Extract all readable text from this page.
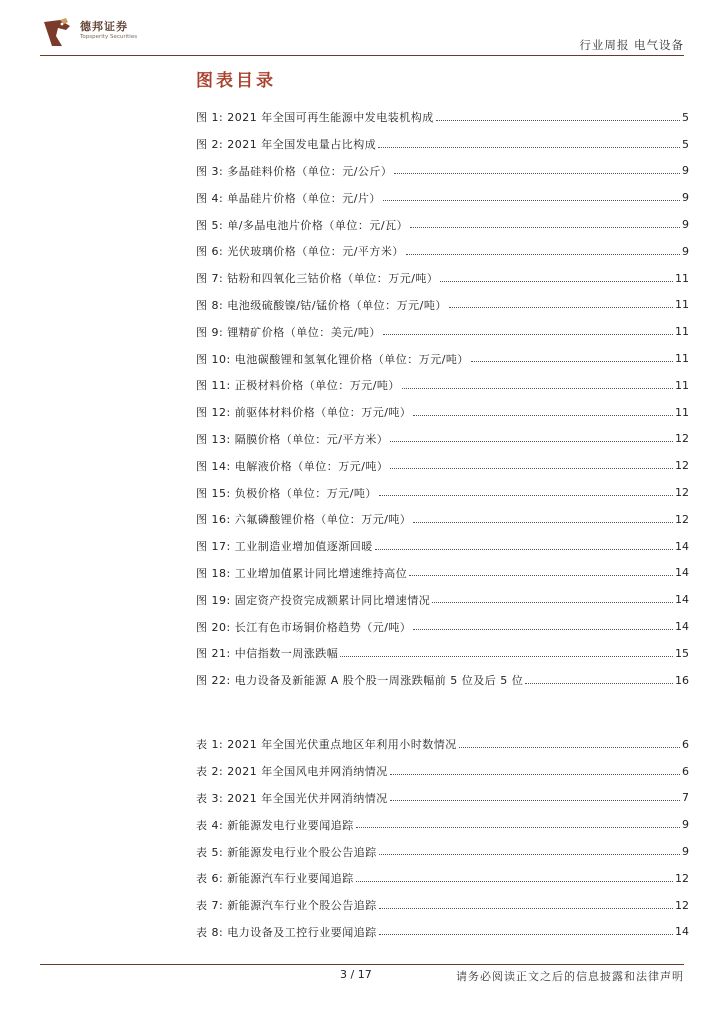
德邦证券
Topsperity Securities
行业周报 电气设备
图表目录
图 1: 2021 年全国可再生能源中发电装机构成	5
图 2: 2021 年全国发电量占比构成	5
图 3: 多晶硅料价格（单位：元/公斤）	9
图 4: 单晶硅片价格（单位：元/片）	9
图 5: 单/多晶电池片价格（单位：元/瓦）	9
图 6: 光伏玻璃价格（单位：元/平方米）	9
图 7: 钴粉和四氧化三钴价格（单位：万元/吨）	11
图 8: 电池级硫酸镍/钴/锰价格（单位：万元/吨）	11
图 9: 锂精矿价格（单位：美元/吨）	11
图 10: 电池碳酸锂和氢氧化锂价格（单位：万元/吨）	11
图 11: 正极材料价格（单位：万元/吨）	11
图 12: 前驱体材料价格（单位：万元/吨）	11
图 13: 隔膜价格（单位：元/平方米）	12
图 14: 电解液价格（单位：万元/吨）	12
图 15: 负极价格（单位：万元/吨）	12
图 16: 六氟磷酸锂价格（单位：万元/吨）	12
图 17: 工业制造业增加值逐渐回暖	14
图 18: 工业增加值累计同比增速维持高位	14
图 19: 固定资产投资完成额累计同比增速情况	14
图 20: 长江有色市场铜价格趋势（元/吨）	14
图 21: 中信指数一周涨跌幅	15
图 22: 电力设备及新能源 A 股个股一周涨跌幅前 5 位及后 5 位	16
表 1: 2021 年全国光伏重点地区年利用小时数情况	6
表 2: 2021 年全国风电并网消纳情况	6
表 3: 2021 年全国光伏并网消纳情况	7
表 4: 新能源发电行业要闻追踪	9
表 5: 新能源发电行业个股公告追踪	9
表 6: 新能源汽车行业要闻追踪	12
表 7: 新能源汽车行业个股公告追踪	12
表 8: 电力设备及工控行业要闻追踪	14
3 / 17	请务必阅读正文之后的信息披露和法律声明
